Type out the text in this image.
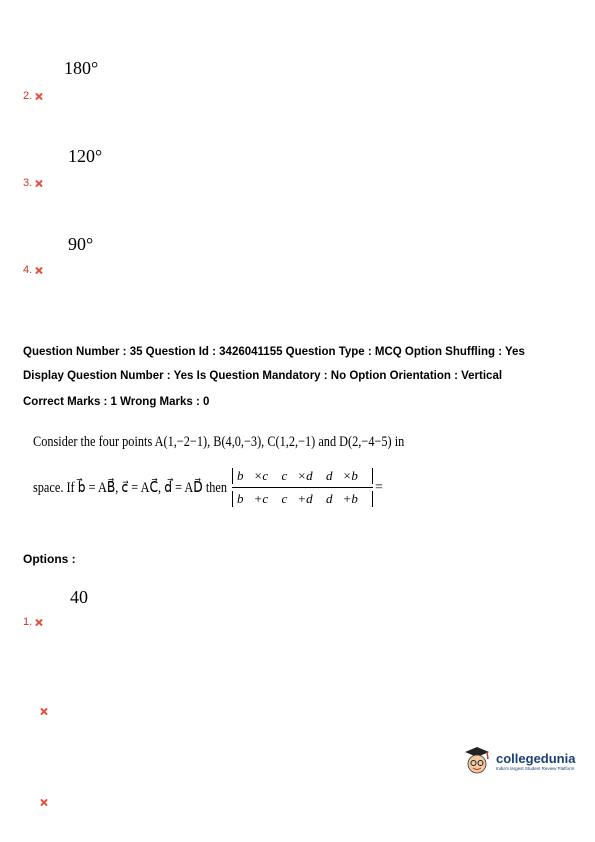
180°
2.
120°
3.
90°
4.
Question Number : 35 Question Id : 3426041155 Question Type : MCQ Option Shuffling : Yes
Display Question Number : Yes Is Question Mandatory : No Option Orientation : Vertical
Correct Marks : 1 Wrong Marks : 0
Consider the four points A(1,−2−1), B(4,0,−3), C(1,2,−1) and D(2,−4−5) in
space. If b⃗ = AB⃗, c⃗ = AC⃗, d⃗ = AD⃗ then $\frac{b⃗\times c⃗ c⃗\times d⃗ d⃗\times b⃗}{b⃗+c⃗ c⃗+d⃗ d⃗+b⃗}$ =
Options :
40
1.
collegedunia
India's largest Student Review Platform
